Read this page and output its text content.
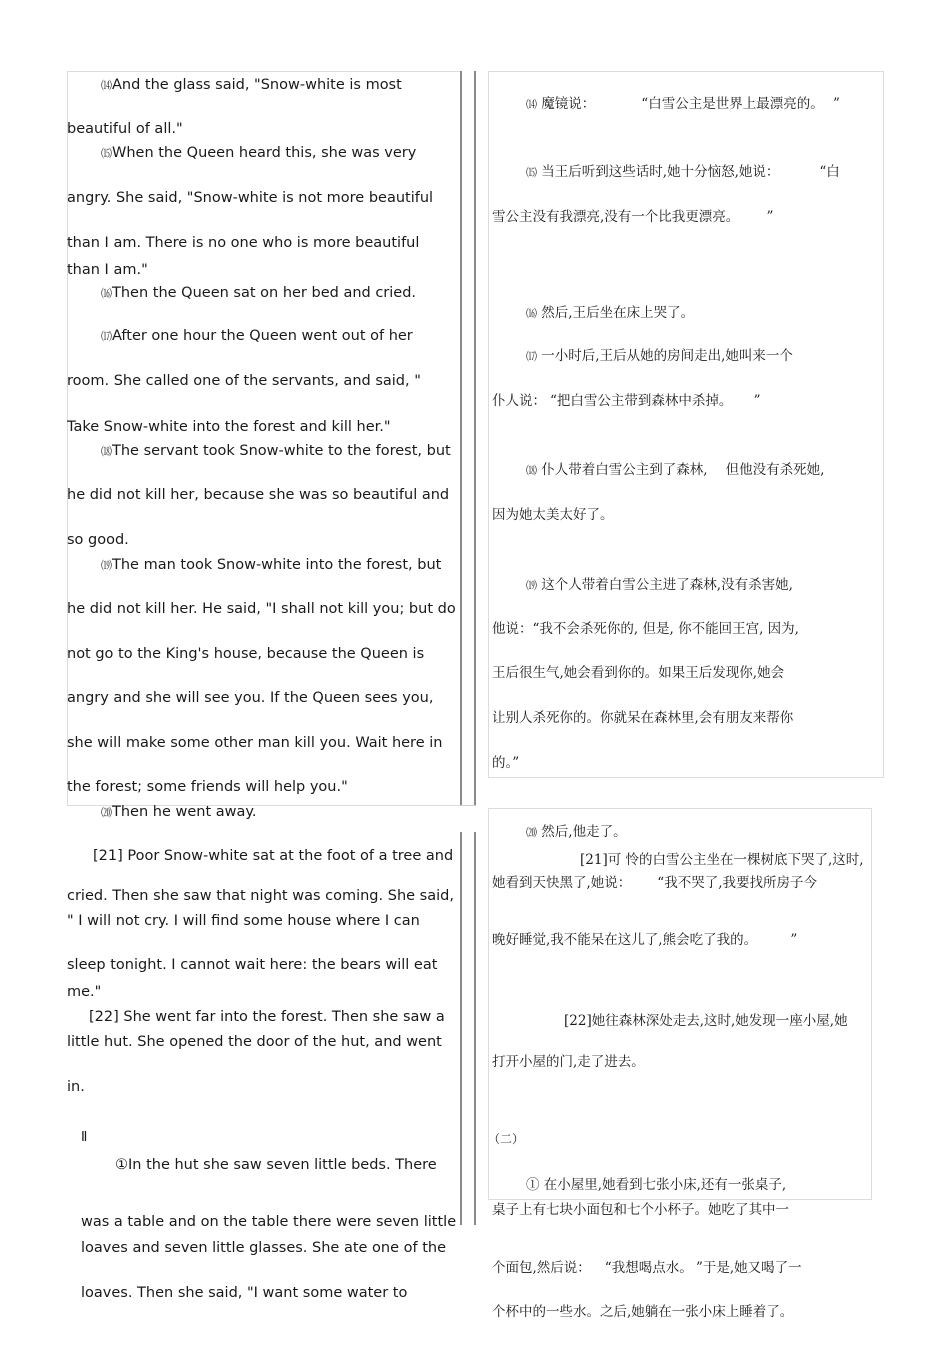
⒁And the glass said, "Snow-white is most
beautiful of all."
⒂When the Queen heard this, she was very
angry. She said, "Snow-white is not more beautiful
than I am. There is no one who is more beautiful
than I am."
⒃Then the Queen sat on her bed and cried.
⒄After one hour the Queen went out of her
room. She called one of the servants, and said, "
Take Snow-white into the forest and kill her."
⒅The servant took Snow-white to the forest, but
he did not kill her, because she was so beautiful and
so good.
⒆The man took Snow-white into the forest, but
he did not kill her. He said, "I shall not kill you; but do
not go to the King's house, because the Queen is
angry and she will see you. If the Queen sees you,
she will make some other man kill you. Wait here in
the forest; some friends will help you."
⒇Then he went away.
[21] Poor Snow-white sat at the foot of a tree and
cried. Then she saw that night was coming. She said,
" I will not cry. I will find some house where I can
sleep tonight. I cannot wait here: the bears will eat
me."
[22] She went far into the forest. Then she saw a
little hut. She opened the door of the hut, and went
in.
Ⅱ
①In the hut she saw seven little beds. There
was a table and on the table there were seven little
loaves and seven little glasses. She ate one of the
loaves. Then she said, "I want some water to
⒁ 魔镜说：	“白雪公主是世界上最漂亮的。 ”
⒂ 当王后听到这些话时,她十分恼怒,她说：	“白
雪公主没有我漂亮,没有一个比我更漂亮。	”
⒃ 然后,王后坐在床上哭了。
⒄ 一小时后,王后从她的房间走出,她叫来一个
仆人说： “把白雪公主带到森林中杀掉。 ”
⒅ 仆人带着白雪公主到了森林, 但他没有杀死她,
因为她太美太好了。
⒆ 这个人带着白雪公主进了森林,没有杀害她,
他说：“我不会杀死你的, 但是, 你不能回王宫, 因为,
王后很生气,她会看到你的。如果王后发现你,她会
让别人杀死你的。你就呆在森林里,会有朋友来帮你
的。”
⒇ 然后,他走了。
[21]可 怜的白雪公主坐在一棵树底下哭了,这时,
她看到天快黑了,她说： “我不哭了,我要找所房子今
晚好睡觉,我不能呆在这儿了,熊会吃了我的。	”
[22]她往森林深处走去,这时,她发现一座小屋,她
打开小屋的门,走了进去。
（二）
① 在小屋里,她看到七张小床,还有一张桌子,
桌子上有七块小面包和七个小杯子。她吃了其中一
个面包,然后说： “我想喝点水。 ”于是,她又喝了一
个杯中的一些水。之后,她躺在一张小床上睡着了。
